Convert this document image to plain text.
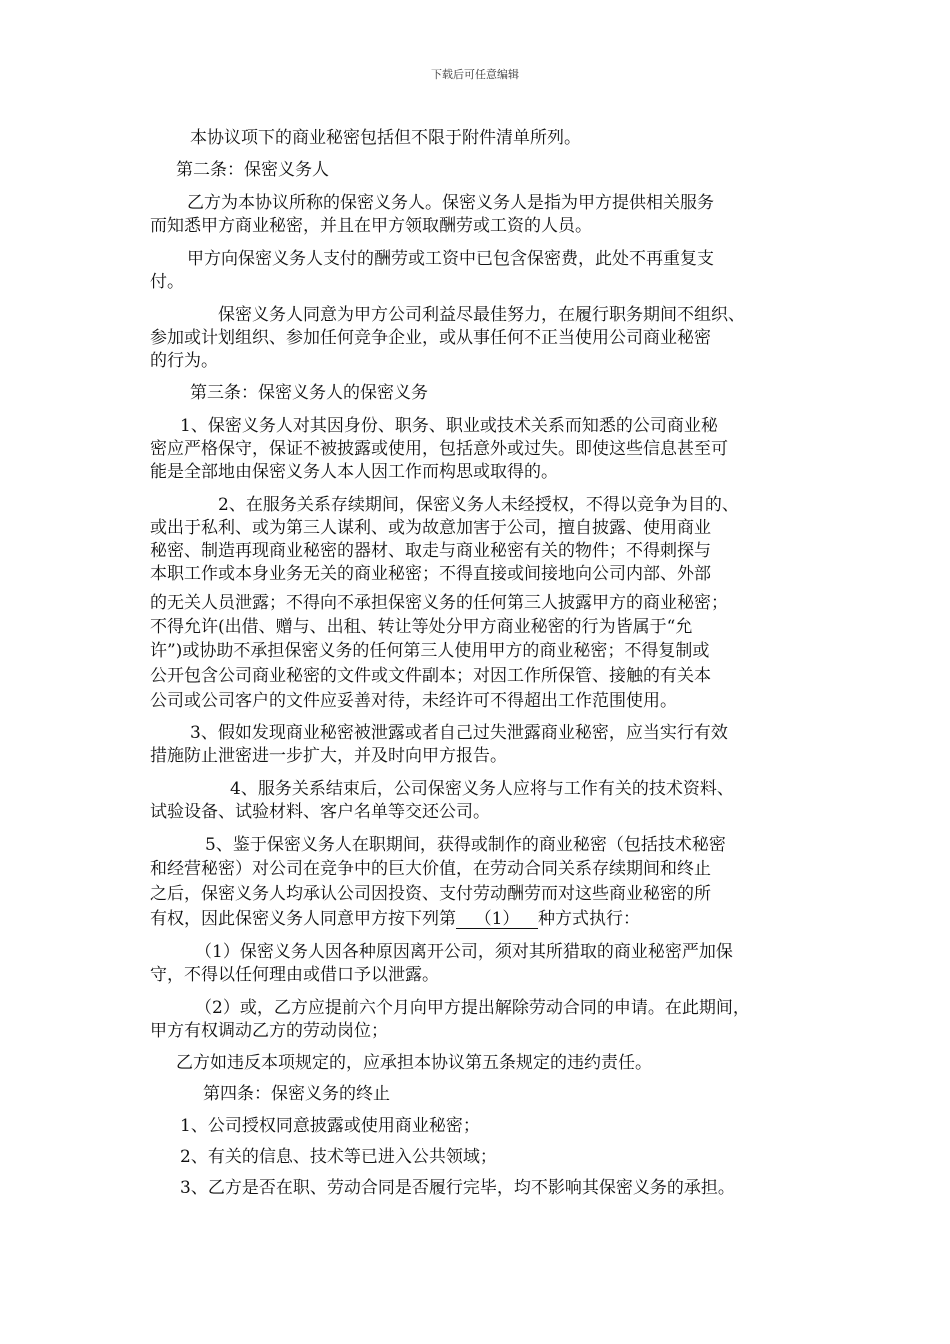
下载后可任意编辑
本协议项下的商业秘密包括但不限于附件清单所列。
第二条：保密义务人
乙方为本协议所称的保密义务人。保密义务人是指为甲方提供相关服务
而知悉甲方商业秘密，并且在甲方领取酬劳或工资的人员。
甲方向保密义务人支付的酬劳或工资中已包含保密费，此处不再重复支
付。
保密义务人同意为甲方公司利益尽最佳努力，在履行职务期间不组织、
参加或计划组织、参加任何竞争企业，或从事任何不正当使用公司商业秘密
的行为。
第三条：保密义务人的保密义务
1、保密义务人对其因身份、职务、职业或技术关系而知悉的公司商业秘
密应严格保守，保证不被披露或使用，包括意外或过失。即使这些信息甚至可
能是全部地由保密义务人本人因工作而构思或取得的。
2、在服务关系存续期间，保密义务人未经授权，不得以竞争为目的、
或出于私利、或为第三人谋利、或为故意加害于公司，擅自披露、使用商业
秘密、制造再现商业秘密的器材、取走与商业秘密有关的物件；不得刺探与
本职工作或本身业务无关的商业秘密；不得直接或间接地向公司内部、外部
的无关人员泄露；不得向不承担保密义务的任何第三人披露甲方的商业秘密；
不得允许(出借、赠与、出租、转让等处分甲方商业秘密的行为皆属于“允
许”)或协助不承担保密义务的任何第三人使用甲方的商业秘密；不得复制或
公开包含公司商业秘密的文件或文件副本；对因工作所保管、接触的有关本
公司或公司客户的文件应妥善对待，未经许可不得超出工作范围使用。
3、假如发现商业秘密被泄露或者自己过失泄露商业秘密，应当实行有效
措施防止泄密进一步扩大，并及时向甲方报告。
4、服务关系结束后，公司保密义务人应将与工作有关的技术资料、
试验设备、试验材料、客户名单等交还公司。
5、鉴于保密义务人在职期间，获得或制作的商业秘密（包括技术秘密
和经营秘密）对公司在竞争中的巨大价值，在劳动合同关系存续期间和终止
之后，保密义务人均承认公司因投资、支付劳动酬劳而对这些商业秘密的所
有权，因此保密义务人同意甲方按下列第 （1） 种方式执行：
（1）保密义务人因各种原因离开公司，须对其所猎取的商业秘密严加保
守，不得以任何理由或借口予以泄露。
（2）或，乙方应提前六个月向甲方提出解除劳动合同的申请。在此期间，
甲方有权调动乙方的劳动岗位；
乙方如违反本项规定的，应承担本协议第五条规定的违约责任。
第四条：保密义务的终止
1、公司授权同意披露或使用商业秘密；
2、有关的信息、技术等已进入公共领域；
3、乙方是否在职、劳动合同是否履行完毕，均不影响其保密义务的承担。
